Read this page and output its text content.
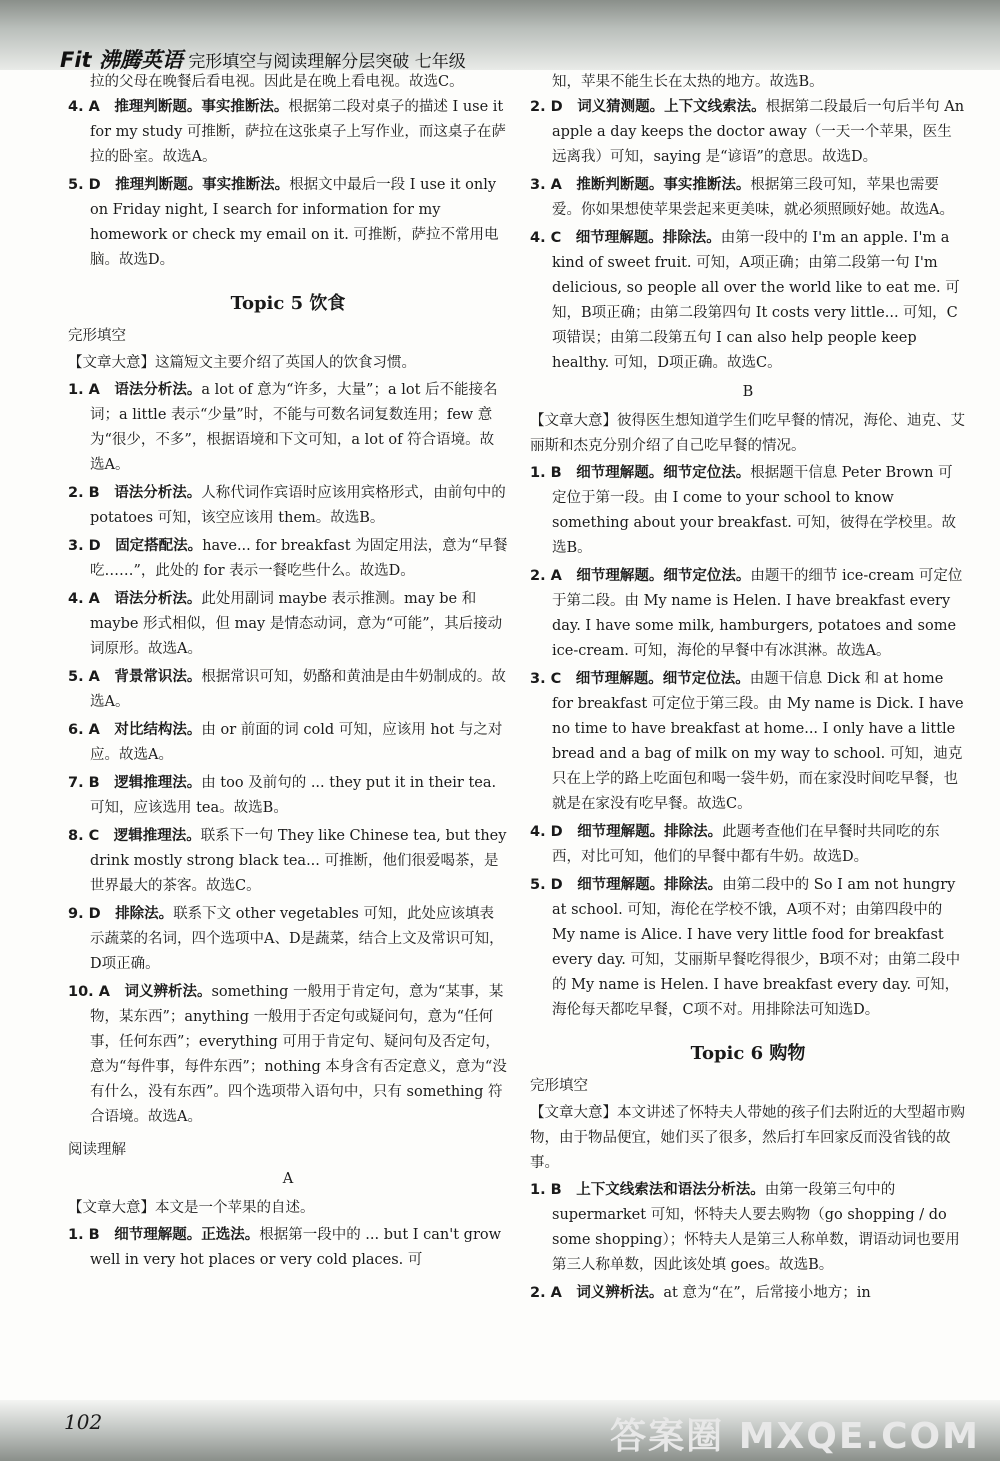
Fit 沸腾英语 完形填空与阅读理解分层突破 七年级

拉的父母在晚餐后看电视。因此是在晚上看电视。故选C。

4. A  推理判断题。事实推断法。根据第二段对桌子的描述 I use it for my study 可推断，萨拉在这张桌子上写作业，而这桌子在萨拉的卧室。故选A。

5. D  推理判断题。事实推断法。根据文中最后一段 I use it only on Friday night, I search for information for my homework or check my email on it. 可推断，萨拉不常用电脑。故选D。

Topic 5 饮食
完形填空

【文章大意】这篇短文主要介绍了英国人的饮食习惯。

1. A  语法分析法。a lot of 意为“许多，大量”；a lot 后不能接名词；a little 表示“少量”时，不能与可数名词复数连用；few 意为“很少，不多”，根据语境和下文可知，a lot of 符合语境。故选A。

2. B  语法分析法。人称代词作宾语时应该用宾格形式，由前句中的 potatoes 可知，该空应该用 them。故选B。

3. D  固定搭配法。have... for breakfast 为固定用法，意为“早餐吃……”，此处的 for 表示一餐吃些什么。故选D。

4. A  语法分析法。此处用副词 maybe 表示推测。may be 和 maybe 形式相似，但 may 是情态动词，意为“可能”，其后接动词原形。故选A。

5. A  背景常识法。根据常识可知，奶酪和黄油是由牛奶制成的。故选A。

6. A  对比结构法。由 or 前面的词 cold 可知，应该用 hot 与之对应。故选A。

7. B  逻辑推理法。由 too 及前句的 ... they put it in their tea. 可知，应该选用 tea。故选B。

8. C  逻辑推理法。联系下一句 They like Chinese tea, but they drink mostly strong black tea... 可推断，他们很爱喝茶，是世界最大的茶客。故选C。

9. D  排除法。联系下文 other vegetables 可知，此处应该填表示蔬菜的名词，四个选项中A、D是蔬菜，结合上文及常识可知，D项正确。

10. A  词义辨析法。something 一般用于肯定句，意为“某事，某物，某东西”；anything 一般用于否定句或疑问句，意为“任何事，任何东西”；everything 可用于肯定句、疑问句及否定句，意为“每件事，每件东西”；nothing 本身含有否定意义，意为“没有什么，没有东西”。四个选项带入语句中，只有 something 符合语境。故选A。

阅读理解
A

【文章大意】本文是一个苹果的自述。

1. B  细节理解题。正选法。根据第一段中的 ... but I can't grow well in very hot places or very cold places. 可

知，苹果不能生长在太热的地方。故选B。

2. D  词义猜测题。上下文线索法。根据第二段最后一句后半句 An apple a day keeps the doctor away（一天一个苹果，医生远离我）可知，saying 是“谚语”的意思。故选D。

3. A  推断判断题。事实推断法。根据第三段可知，苹果也需要爱。你如果想使苹果尝起来更美味，就必须照顾好她。故选A。

4. C  细节理解题。排除法。由第一段中的 I'm an apple. I'm a kind of sweet fruit. 可知，A项正确；由第二段第一句 I'm delicious, so people all over the world like to eat me. 可知，B项正确；由第二段第四句 It costs very little... 可知，C项错误；由第二段第五句 I can also help people keep healthy. 可知，D项正确。故选C。

B

【文章大意】彼得医生想知道学生们吃早餐的情况，海伦、迪克、艾丽斯和杰克分别介绍了自己吃早餐的情况。

1. B  细节理解题。细节定位法。根据题干信息 Peter Brown 可定位于第一段。由 I come to your school to know something about your breakfast. 可知，彼得在学校里。故选B。

2. A  细节理解题。细节定位法。由题干的细节 ice-cream 可定位于第二段。由 My name is Helen. I have breakfast every day. I have some milk, hamburgers, potatoes and some ice-cream. 可知，海伦的早餐中有冰淇淋。故选A。

3. C  细节理解题。细节定位法。由题干信息 Dick 和 at home for breakfast 可定位于第三段。由 My name is Dick. I have no time to have breakfast at home... I only have a little bread and a bag of milk on my way to school. 可知，迪克只在上学的路上吃面包和喝一袋牛奶，而在家没时间吃早餐，也就是在家没有吃早餐。故选C。

4. D  细节理解题。排除法。此题考查他们在早餐时共同吃的东西，对比可知，他们的早餐中都有牛奶。故选D。

5. D  细节理解题。排除法。由第二段中的 So I am not hungry at school. 可知，海伦在学校不饿，A项不对；由第四段中的 My name is Alice. I have very little food for breakfast every day. 可知，艾丽斯早餐吃得很少，B项不对；由第二段中的 My name is Helen. I have breakfast every day. 可知，海伦每天都吃早餐，C项不对。用排除法可知选D。

Topic 6 购物
完形填空

【文章大意】本文讲述了怀特夫人带她的孩子们去附近的大型超市购物，由于物品便宜，她们买了很多，然后打车回家反而没省钱的故事。

1. B  上下文线索法和语法分析法。由第一段第三句中的 supermarket 可知，怀特夫人要去购物（go shopping / do some shopping）；怀特夫人是第三人称单数，谓语动词也要用第三人称单数，因此该处填 goes。故选B。

2. A  词义辨析法。at 意为“在”，后常接小地方；in

102	答案圈 MXQE.COM
